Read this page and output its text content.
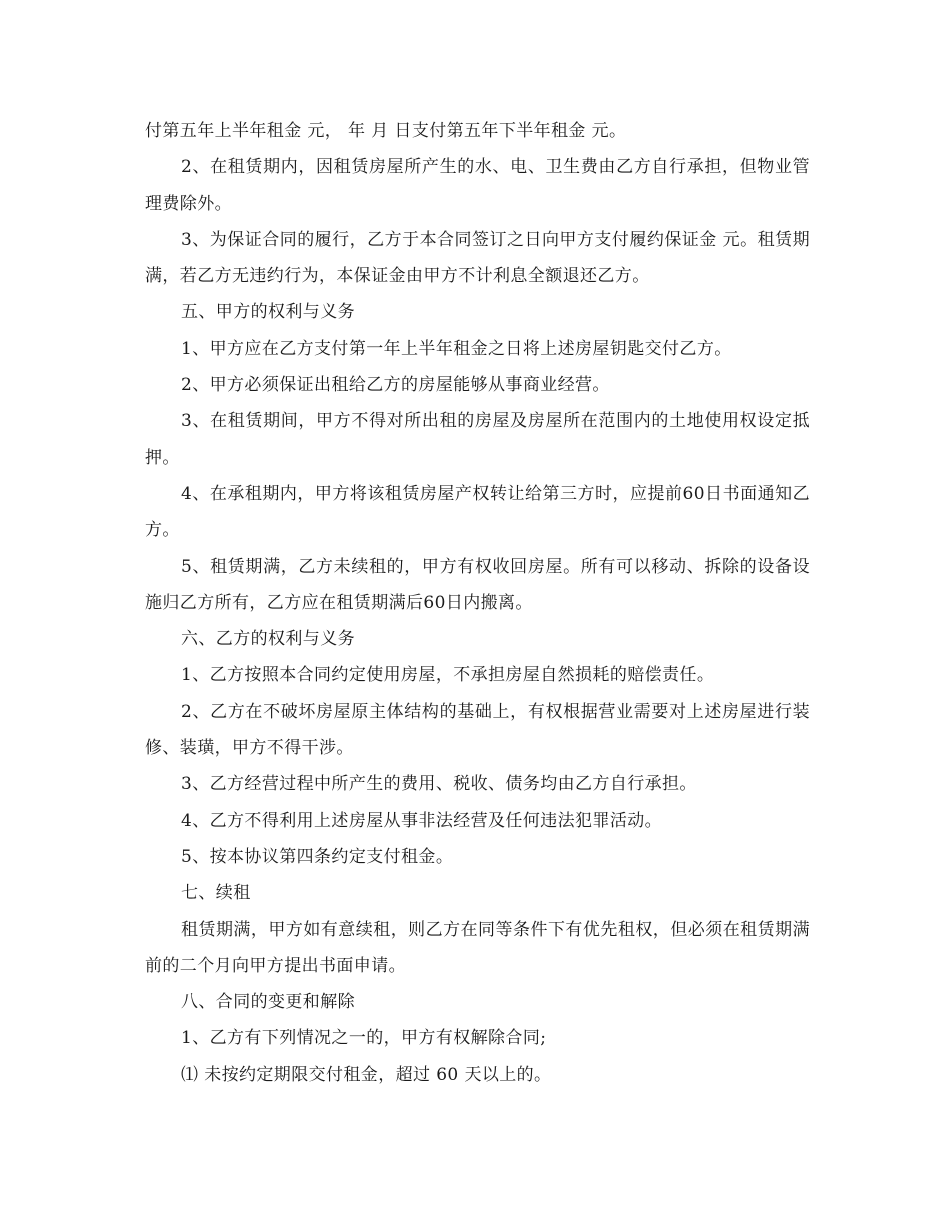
付第五年上半年租金 元， 年 月 日支付第五年下半年租金 元。

2、在租赁期内，因租赁房屋所产生的水、电、卫生费由乙方自行承担，但物业管理费除外。

3、为保证合同的履行，乙方于本合同签订之日向甲方支付履约保证金 元。租赁期满，若乙方无违约行为，本保证金由甲方不计利息全额退还乙方。

五、甲方的权利与义务

1、甲方应在乙方支付第一年上半年租金之日将上述房屋钥匙交付乙方。

2、甲方必须保证出租给乙方的房屋能够从事商业经营。

3、在租赁期间，甲方不得对所出租的房屋及房屋所在范围内的土地使用权设定抵押。

4、在承租期内，甲方将该租赁房屋产权转让给第三方时，应提前60日书面通知乙方。

5、租赁期满，乙方未续租的，甲方有权收回房屋。所有可以移动、拆除的设备设施归乙方所有，乙方应在租赁期满后60日内搬离。

六、乙方的权利与义务

1、乙方按照本合同约定使用房屋，不承担房屋自然损耗的赔偿责任。

2、乙方在不破坏房屋原主体结构的基础上，有权根据营业需要对上述房屋进行装修、装璜，甲方不得干涉。

3、乙方经营过程中所产生的费用、税收、债务均由乙方自行承担。

4、乙方不得利用上述房屋从事非法经营及任何违法犯罪活动。

5、按本协议第四条约定支付租金。

七、续租

租赁期满，甲方如有意续租，则乙方在同等条件下有优先租权，但必须在租赁期满前的二个月向甲方提出书面申请。

八、合同的变更和解除

1、乙方有下列情况之一的，甲方有权解除合同;

⑴ 未按约定期限交付租金，超过 60 天以上的。
